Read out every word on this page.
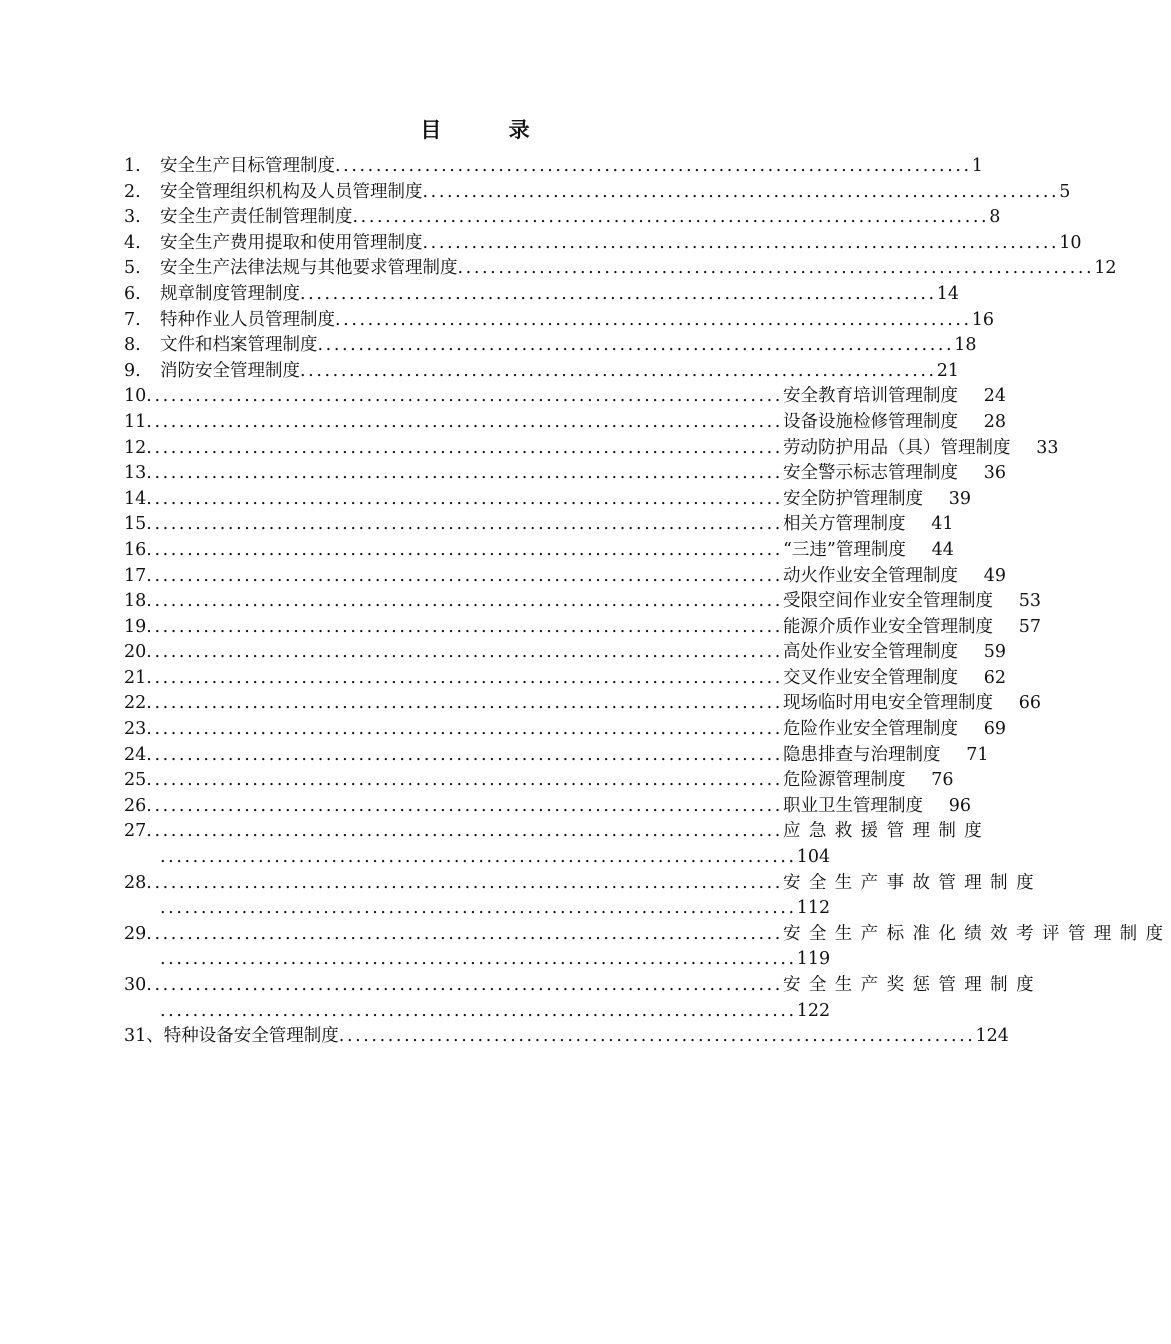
目 录
1.	安全生产目标管理制度 .............................................................................. 1
2.	安全管理组织机构及人员管理制度 .............................................................................. 5
3.	安全生产责任制管理制度 .............................................................................. 8
4.	安全生产费用提取和使用管理制度 .............................................................................. 10
5.	安全生产法律法规与其他要求管理制度 .............................................................................. 12
6.	规章制度管理制度 .............................................................................. 14
7.	特种作业人员管理制度 .............................................................................. 16
8.	文件和档案管理制度 .............................................................................. 18
9.	消防安全管理制度 .............................................................................. 21
10 .............................................................................. 安全教育培训管理制度	24
11 .............................................................................. 设备设施检修管理制度	28
12 .............................................................................. 劳动防护用品（具）管理制度	33
13 .............................................................................. 安全警示标志管理制度	36
14 .............................................................................. 安全防护管理制度	39
15 .............................................................................. 相关方管理制度	41
16 .............................................................................. “三违”管理制度	44
17 .............................................................................. 动火作业安全管理制度	49
18 .............................................................................. 受限空间作业安全管理制度	53
19 .............................................................................. 能源介质作业安全管理制度	57
20 .............................................................................. 高处作业安全管理制度	59
21 .............................................................................. 交叉作业安全管理制度	62
22 .............................................................................. 现场临时用电安全管理制度	66
23 .............................................................................. 危险作业安全管理制度	69
24 .............................................................................. 隐患排查与治理制度	71
25 .............................................................................. 危险源管理制度	76
26 .............................................................................. 职业卫生管理制度	96
27 .............................................................................. 应急救援管理制度
.............................................................................. 104
28 .............................................................................. 安全生产事故管理制度
.............................................................................. 112
29 .............................................................................. 安全生产标准化绩效考评管理制度
.............................................................................. 119
30 .............................................................................. 安全生产奖惩管理制度
.............................................................................. 122
31、 特种设备安全管理制度 .............................................................................. 124
